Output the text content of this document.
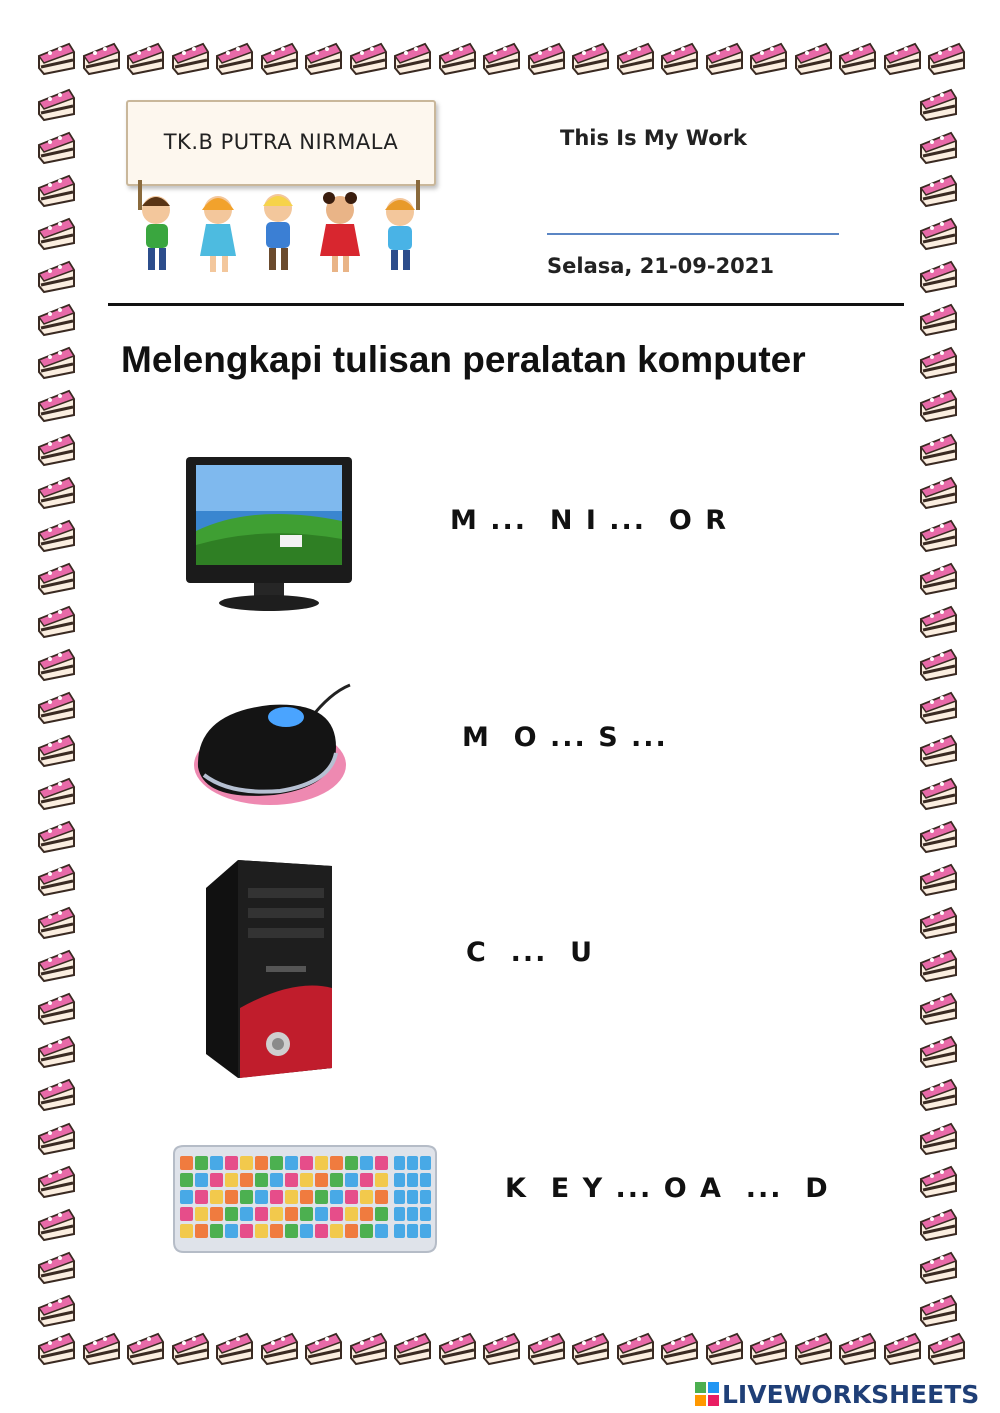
TK.B PUTRA NIRMALA	This Is My Work
Selasa, 21-09-2021
Melengkapi tulisan peralatan komputer
M ...  N I ...  O R
M  O ... S ...
C  ...  U
K  E Y ... O A  ...  D
LIVEWORKSHEETS
